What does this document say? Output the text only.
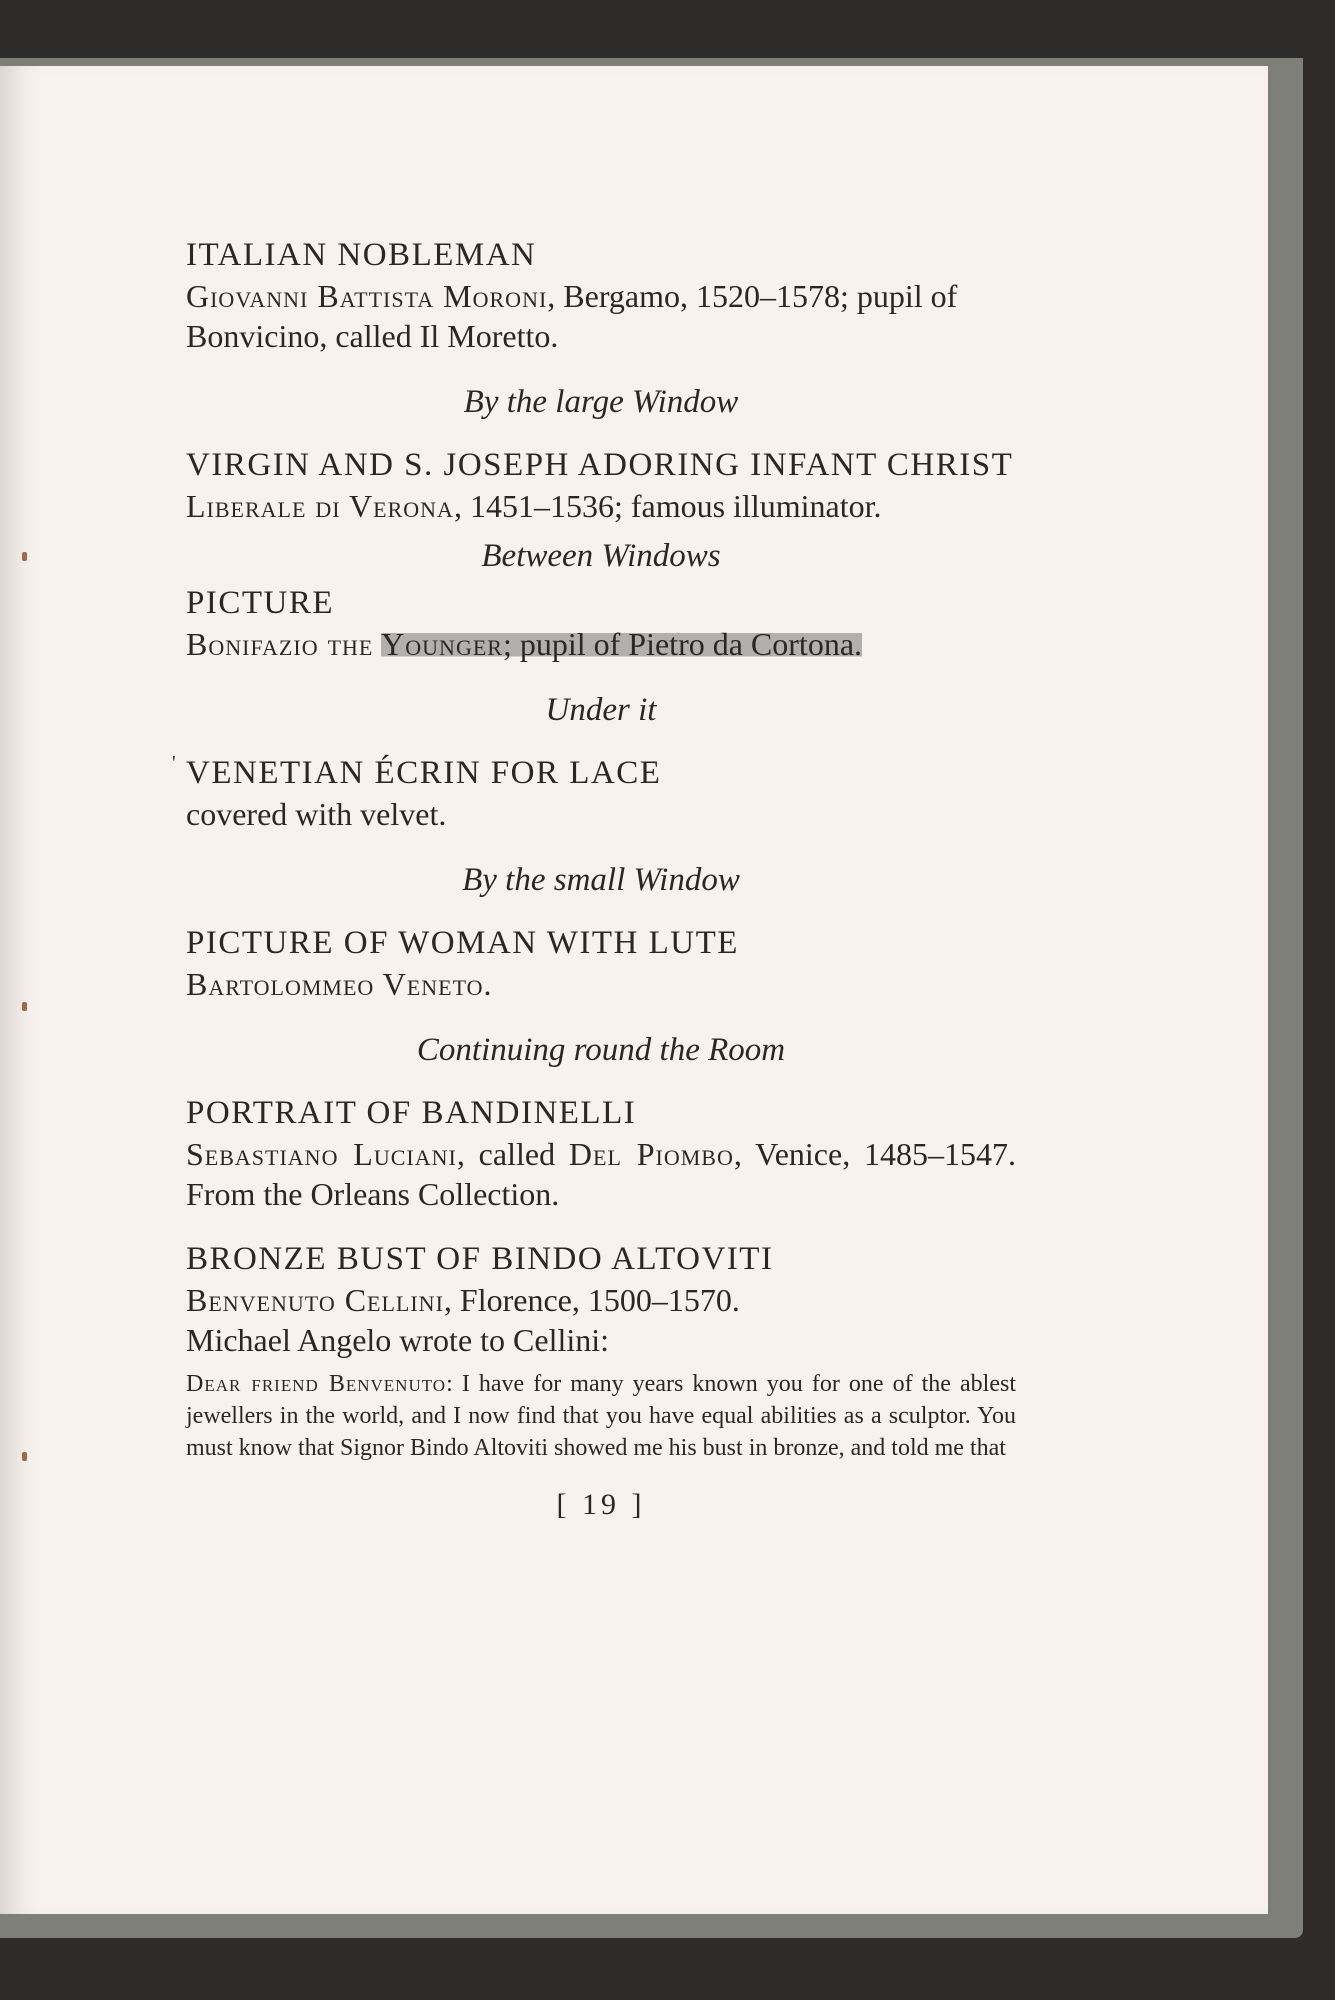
ITALIAN NOBLEMAN

Giovanni Battista Moroni, Bergamo, 1520–1578; pupil of Bonvicino, called Il Moretto.

By the large Window
VIRGIN AND S. JOSEPH ADORING INFANT CHRIST

Liberale di Verona, 1451–1536; famous illuminator.

Between Windows
PICTURE

Bonifazio the Younger; pupil of Pietro da Cortona.

Under it
' VENETIAN ÉCRIN FOR LACE

covered with velvet.

By the small Window
PICTURE OF WOMAN WITH LUTE

Bartolommeo Veneto.

Continuing round the Room
PORTRAIT OF BANDINELLI

Sebastiano Luciani, called Del Piombo, Venice, 1485–1547. From the Orleans Collection.

BRONZE BUST OF BINDO ALTOVITI

Benvenuto Cellini, Florence, 1500–1570.

Michael Angelo wrote to Cellini:

Dear friend Benvenuto: I have for many years known you for one of the ablest jewellers in the world, and I now find that you have equal abilities as a sculptor. You must know that Signor Bindo Altoviti showed me his bust in bronze, and told me that

[ 19 ]
